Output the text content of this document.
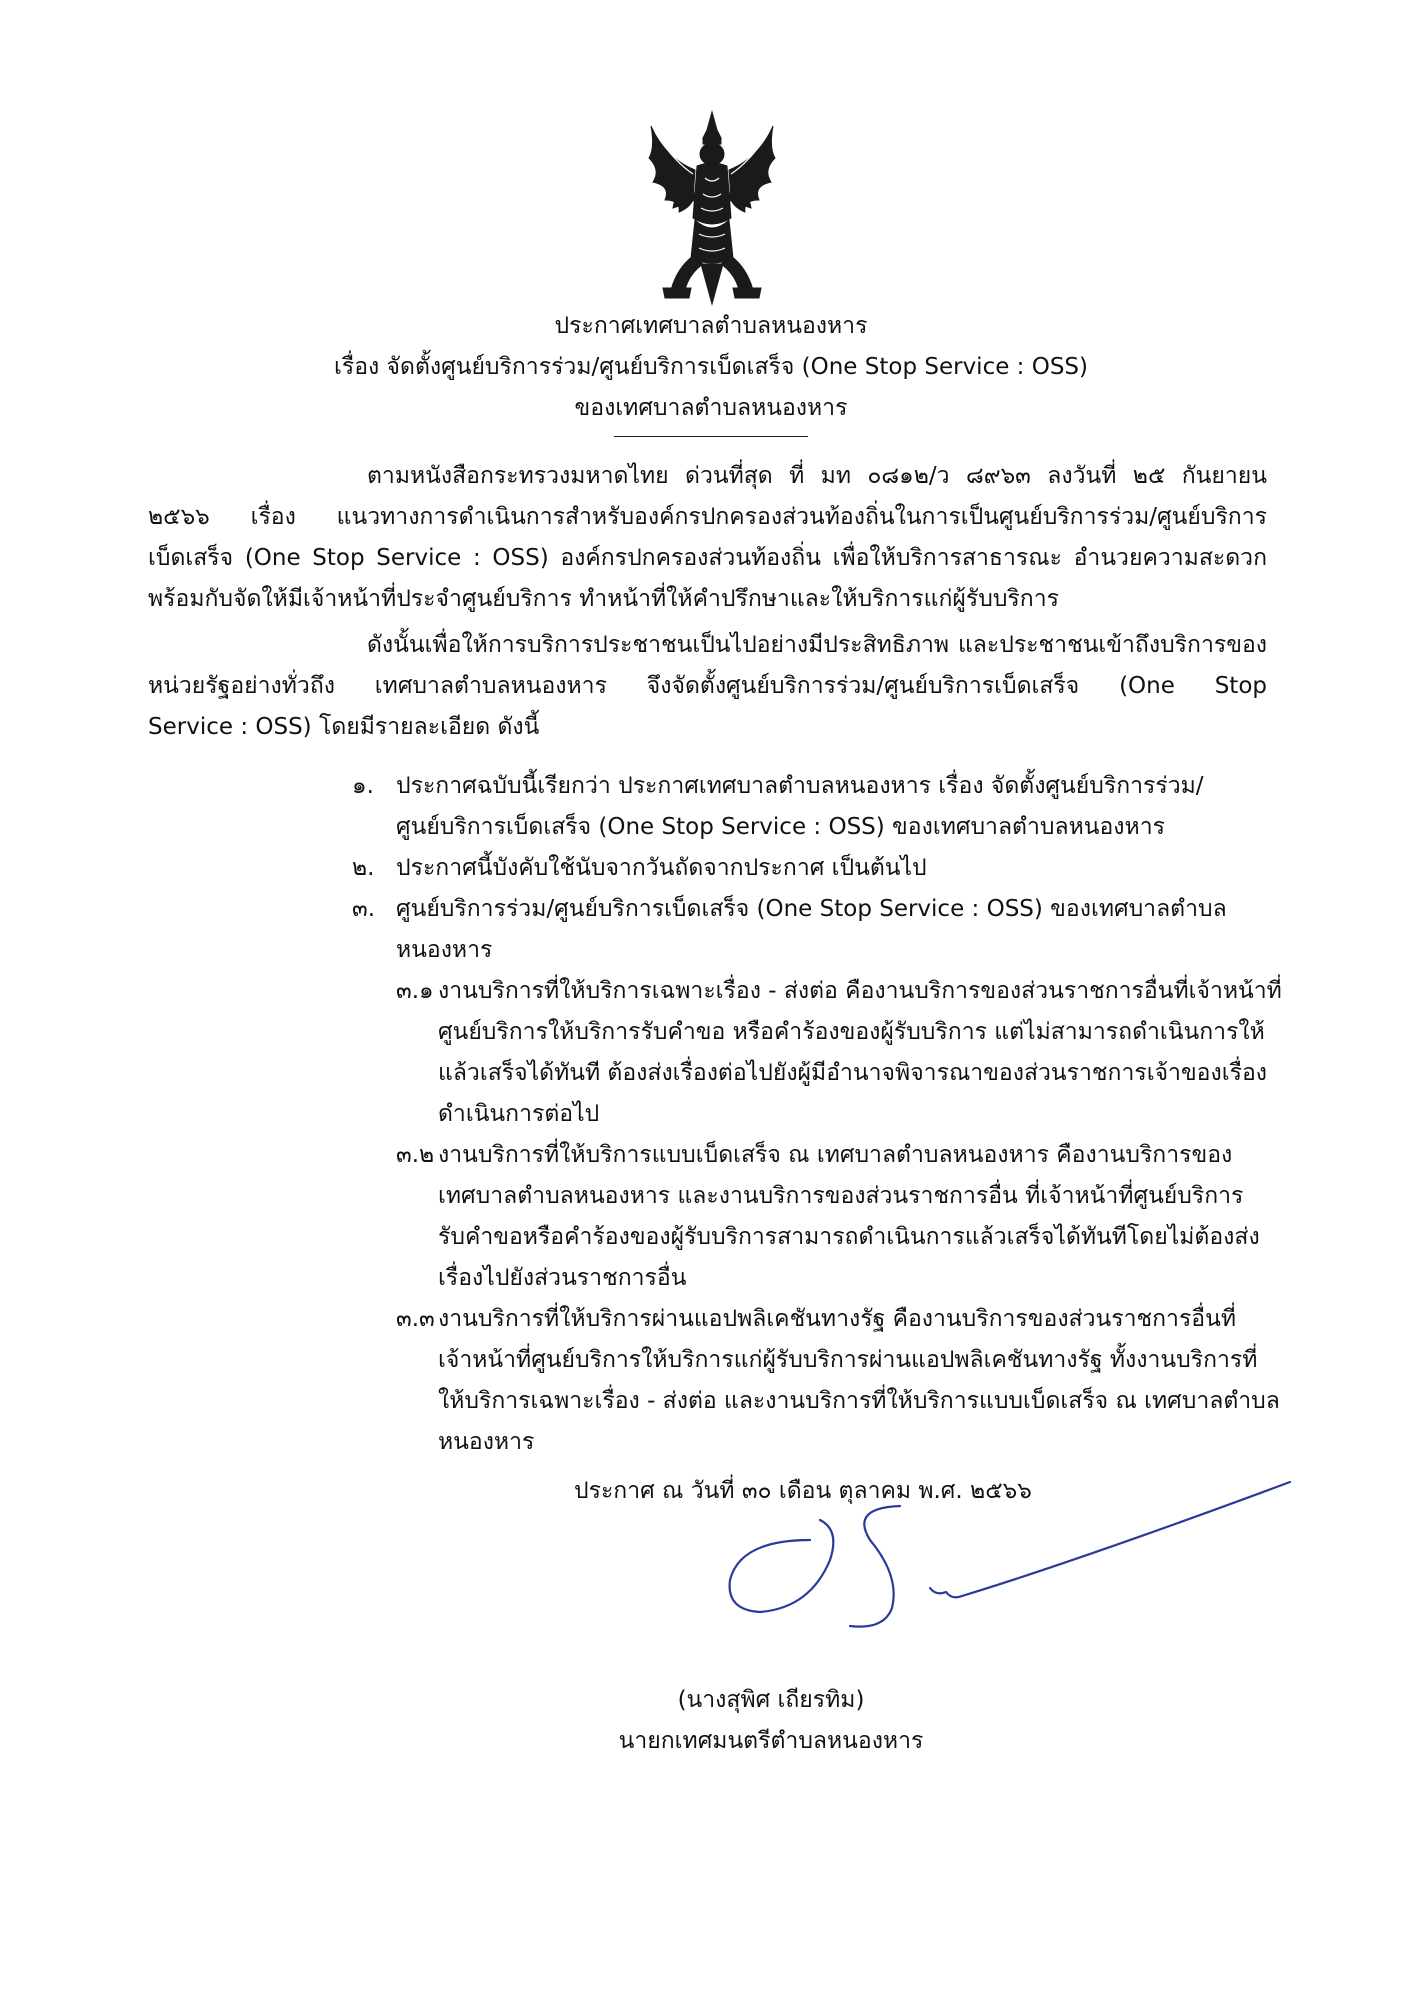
ประกาศเทศบาลตำบลหนองหาร
เรื่อง จัดตั้งศูนย์บริการร่วม/ศูนย์บริการเบ็ดเสร็จ (One Stop Service : OSS)
ของเทศบาลตำบลหนองหาร
ตามหนังสือกระทรวงมหาดไทย ด่วนที่สุด ที่ มท ๐๘๑๒/ว ๘๙๖๓ ลงวันที่ ๒๕ กันยายน
๒๕๖๖ เรื่อง แนวทางการดำเนินการสำหรับองค์กรปกครองส่วนท้องถิ่นในการเป็นศูนย์บริการร่วม/ศูนย์บริการ
เบ็ดเสร็จ (One Stop Service : OSS) องค์กรปกครองส่วนท้องถิ่น เพื่อให้บริการสาธารณะ อำนวยความสะดวก
พร้อมกับจัดให้มีเจ้าหน้าที่ประจำศูนย์บริการ ทำหน้าที่ให้คำปรึกษาและให้บริการแก่ผู้รับบริการ
ดังนั้นเพื่อให้การบริการประชาชนเป็นไปอย่างมีประสิทธิภาพ และประชาชนเข้าถึงบริการของ
หน่วยรัฐอย่างทั่วถึง เทศบาลตำบลหนองหาร จึงจัดตั้งศูนย์บริการร่วม/ศูนย์บริการเบ็ดเสร็จ (One Stop
Service : OSS) โดยมีรายละเอียด ดังนี้
๑. ประกาศฉบับนี้เรียกว่า ประกาศเทศบาลตำบลหนองหาร เรื่อง จัดตั้งศูนย์บริการร่วม/
ศูนย์บริการเบ็ดเสร็จ (One Stop Service : OSS) ของเทศบาลตำบลหนองหาร
๒. ประกาศนี้บังคับใช้นับจากวันถัดจากประกาศ เป็นต้นไป
๓. ศูนย์บริการร่วม/ศูนย์บริการเบ็ดเสร็จ (One Stop Service : OSS) ของเทศบาลตำบล
หนองหาร
๓.๑ งานบริการที่ให้บริการเฉพาะเรื่อง - ส่งต่อ คืองานบริการของส่วนราชการอื่นที่เจ้าหน้าที่
ศูนย์บริการให้บริการรับคำขอ หรือคำร้องของผู้รับบริการ แต่ไม่สามารถดำเนินการให้
แล้วเสร็จได้ทันที ต้องส่งเรื่องต่อไปยังผู้มีอำนาจพิจารณาของส่วนราชการเจ้าของเรื่อง
ดำเนินการต่อไป
๓.๒ งานบริการที่ให้บริการแบบเบ็ดเสร็จ ณ เทศบาลตำบลหนองหาร คืองานบริการของ
เทศบาลตำบลหนองหาร และงานบริการของส่วนราชการอื่น ที่เจ้าหน้าที่ศูนย์บริการ
รับคำขอหรือคำร้องของผู้รับบริการสามารถดำเนินการแล้วเสร็จได้ทันทีโดยไม่ต้องส่ง
เรื่องไปยังส่วนราชการอื่น
๓.๓ งานบริการที่ให้บริการผ่านแอปพลิเคชันทางรัฐ คืองานบริการของส่วนราชการอื่นที่
เจ้าหน้าที่ศูนย์บริการให้บริการแก่ผู้รับบริการผ่านแอปพลิเคชันทางรัฐ ทั้งงานบริการที่
ให้บริการเฉพาะเรื่อง - ส่งต่อ และงานบริการที่ให้บริการแบบเบ็ดเสร็จ ณ เทศบาลตำบล
หนองหาร
ประกาศ ณ วันที่ ๓๐ เดือน ตุลาคม พ.ศ. ๒๕๖๖
(นางสุพิศ เถียรทิม)
นายกเทศมนตรีตำบลหนองหาร
